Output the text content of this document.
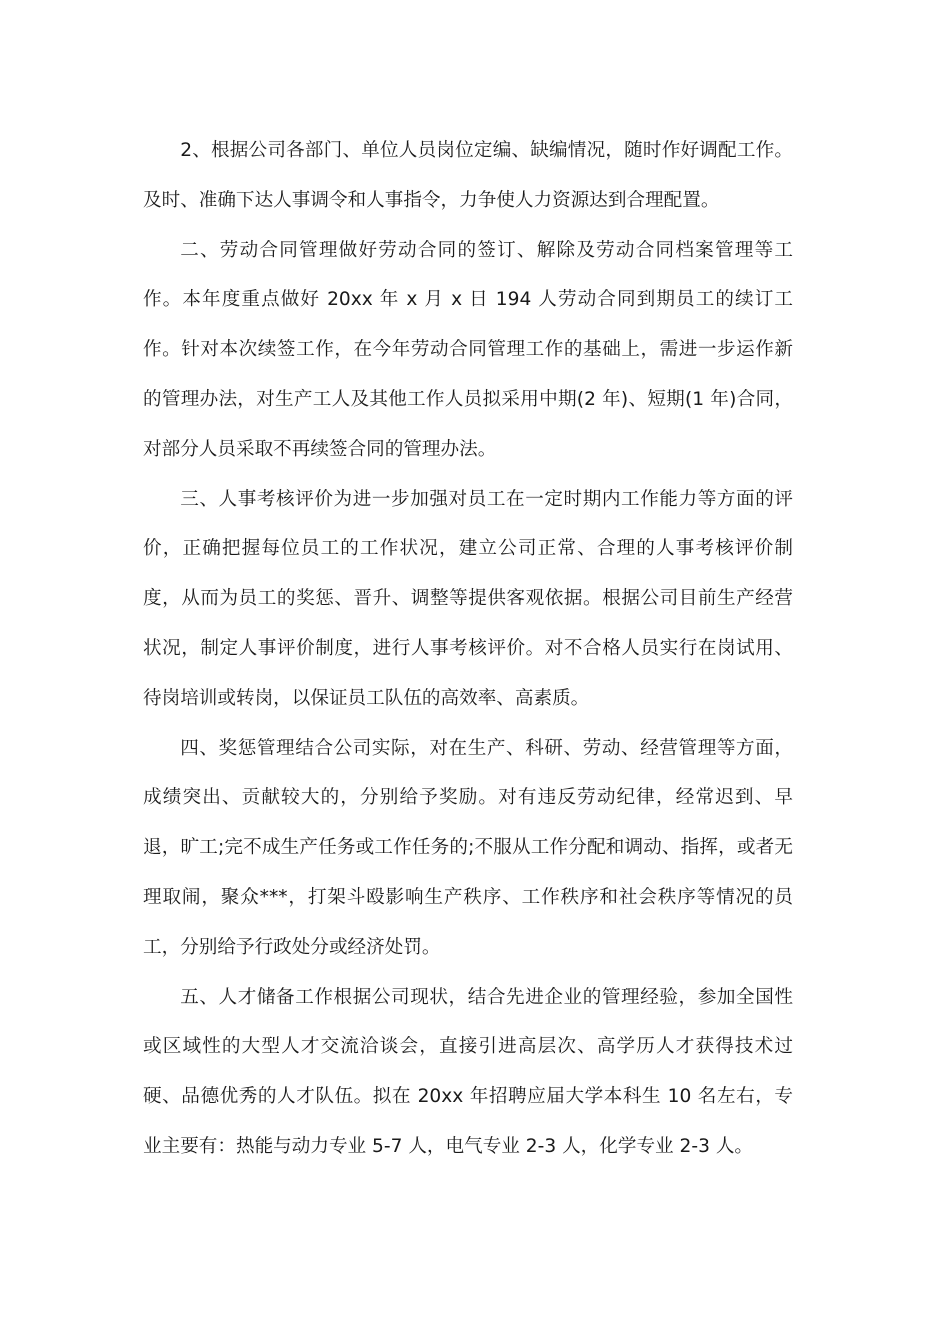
2、根据公司各部门、单位人员岗位定编、缺编情况，随时作好调配工作。及时、准确下达人事调令和人事指令，力争使人力资源达到合理配置。

二、劳动合同管理做好劳动合同的签订、解除及劳动合同档案管理等工作。本年度重点做好 20xx 年 x 月 x 日 194 人劳动合同到期员工的续订工作。针对本次续签工作，在今年劳动合同管理工作的基础上，需进一步运作新的管理办法，对生产工人及其他工作人员拟采用中期(2 年)、短期(1 年)合同，对部分人员采取不再续签合同的管理办法。

三、人事考核评价为进一步加强对员工在一定时期内工作能力等方面的评价，正确把握每位员工的工作状况，建立公司正常、合理的人事考核评价制度，从而为员工的奖惩、晋升、调整等提供客观依据。根据公司目前生产经营状况，制定人事评价制度，进行人事考核评价。对不合格人员实行在岗试用、待岗培训或转岗，以保证员工队伍的高效率、高素质。

四、奖惩管理结合公司实际，对在生产、科研、劳动、经营管理等方面，成绩突出、贡献较大的，分别给予奖励。对有违反劳动纪律，经常迟到、早退，旷工;完不成生产任务或工作任务的;不服从工作分配和调动、指挥，或者无理取闹，聚众***，打架斗殴影响生产秩序、工作秩序和社会秩序等情况的员工，分别给予行政处分或经济处罚。

五、人才储备工作根据公司现状，结合先进企业的管理经验，参加全国性或区域性的大型人才交流洽谈会，直接引进高层次、高学历人才获得技术过硬、品德优秀的人才队伍。拟在 20xx 年招聘应届大学本科生 10 名左右，专业主要有：热能与动力专业 5-7 人，电气专业 2-3 人，化学专业 2-3 人。
